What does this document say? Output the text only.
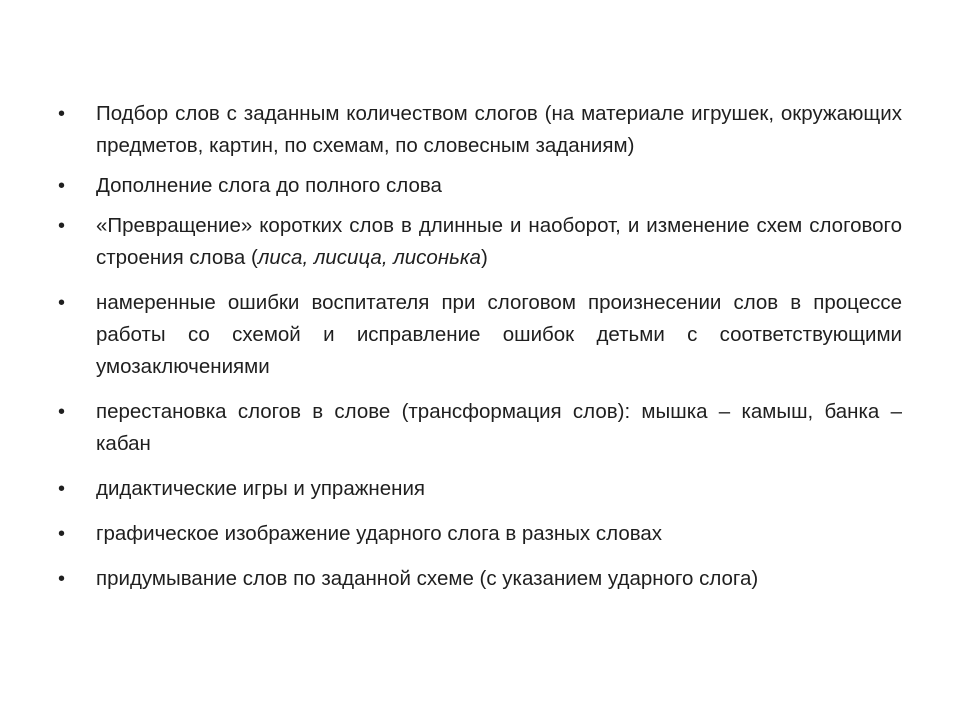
•	Подбор слов с заданным количеством слогов (на материале игрушек, окружающих предметов, картин, по схемам, по словесным заданиям)
•	Дополнение слога до полного слова
•	«Превращение» коротких слов в длинные и наоборот, и изменение схем слогового строения слова (лиса, лисица, лисонька)
•	намеренные ошибки воспитателя при слоговом произнесении слов в процессе работы со схемой и исправление ошибок детьми с соответствующими умозаключениями
•	перестановка слогов в слове (трансформация слов): мышка – камыш, банка – кабан
•	дидактические игры и упражнения
•	графическое изображение ударного слога в разных словах
•	придумывание слов по заданной схеме (с указанием ударного слога)
